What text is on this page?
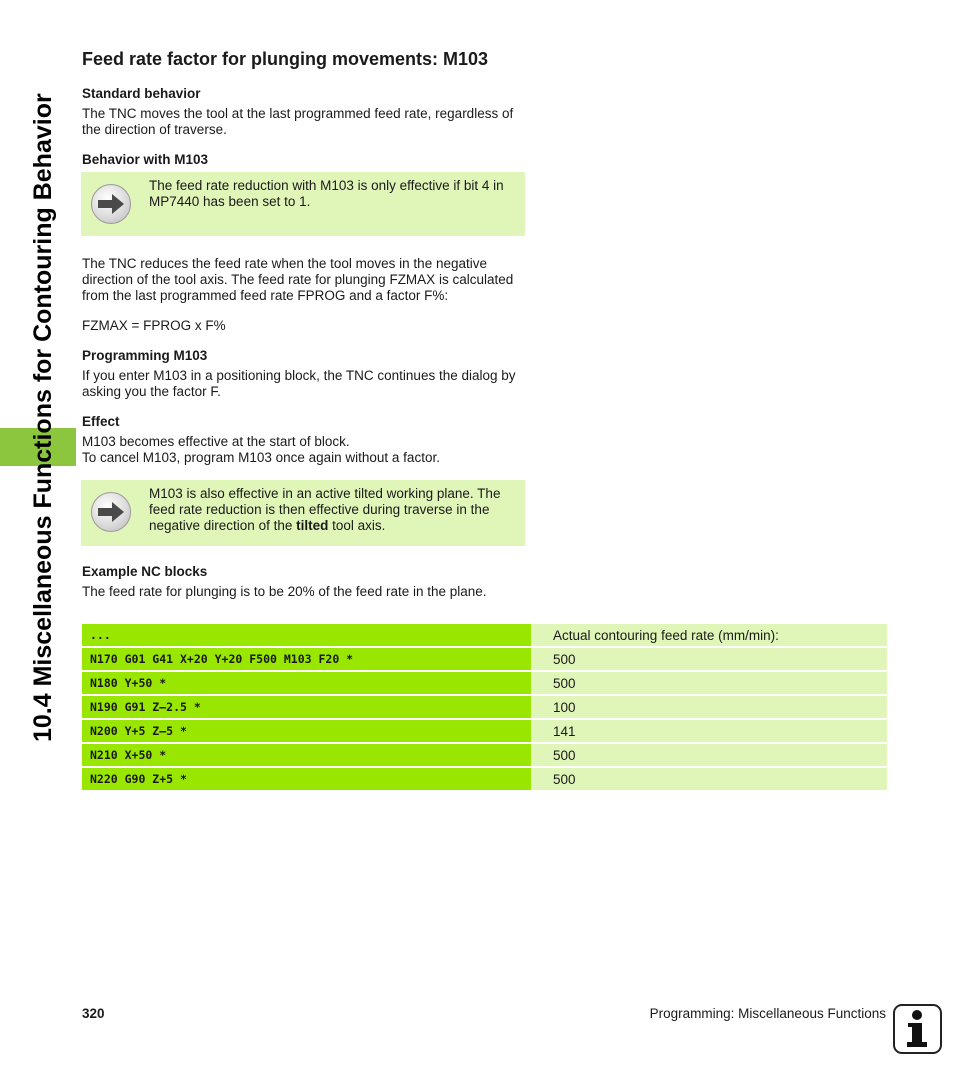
10.4 Miscellaneous Functions for Contouring Behavior
Feed rate factor for plunging movements: M103
Standard behavior

The TNC moves the tool at the last programmed feed rate, regardless of the direction of traverse.

Behavior with M103
The feed rate reduction with M103 is only effective if bit 4 in MP7440 has been set to 1.

The TNC reduces the feed rate when the tool moves in the negative direction of the tool axis. The feed rate for plunging FZMAX is calculated from the last programmed feed rate FPROG and a factor F%:

FZMAX = FPROG x F%

Programming M103

If you enter M103 in a positioning block, the TNC continues the dialog by asking you the factor F.

Effect

M103 becomes effective at the start of block.
To cancel M103, program M103 once again without a factor.

M103 is also effective in an active tilted working plane. The feed rate reduction is then effective during traverse in the negative direction of the tilted tool axis.
Example NC blocks

The feed rate for plunging is to be 20% of the feed rate in the plane.

...	Actual contouring feed rate (mm/min):
N170 G01 G41 X+20 Y+20 F500 M103 F20 *	500
N180 Y+50 *	500
N190 G91 Z–2.5 *	100
N200 Y+5 Z–5 *	141
N210 X+50 *	500
N220 G90 Z+5 *	500
320	Programming: Miscellaneous Functions
